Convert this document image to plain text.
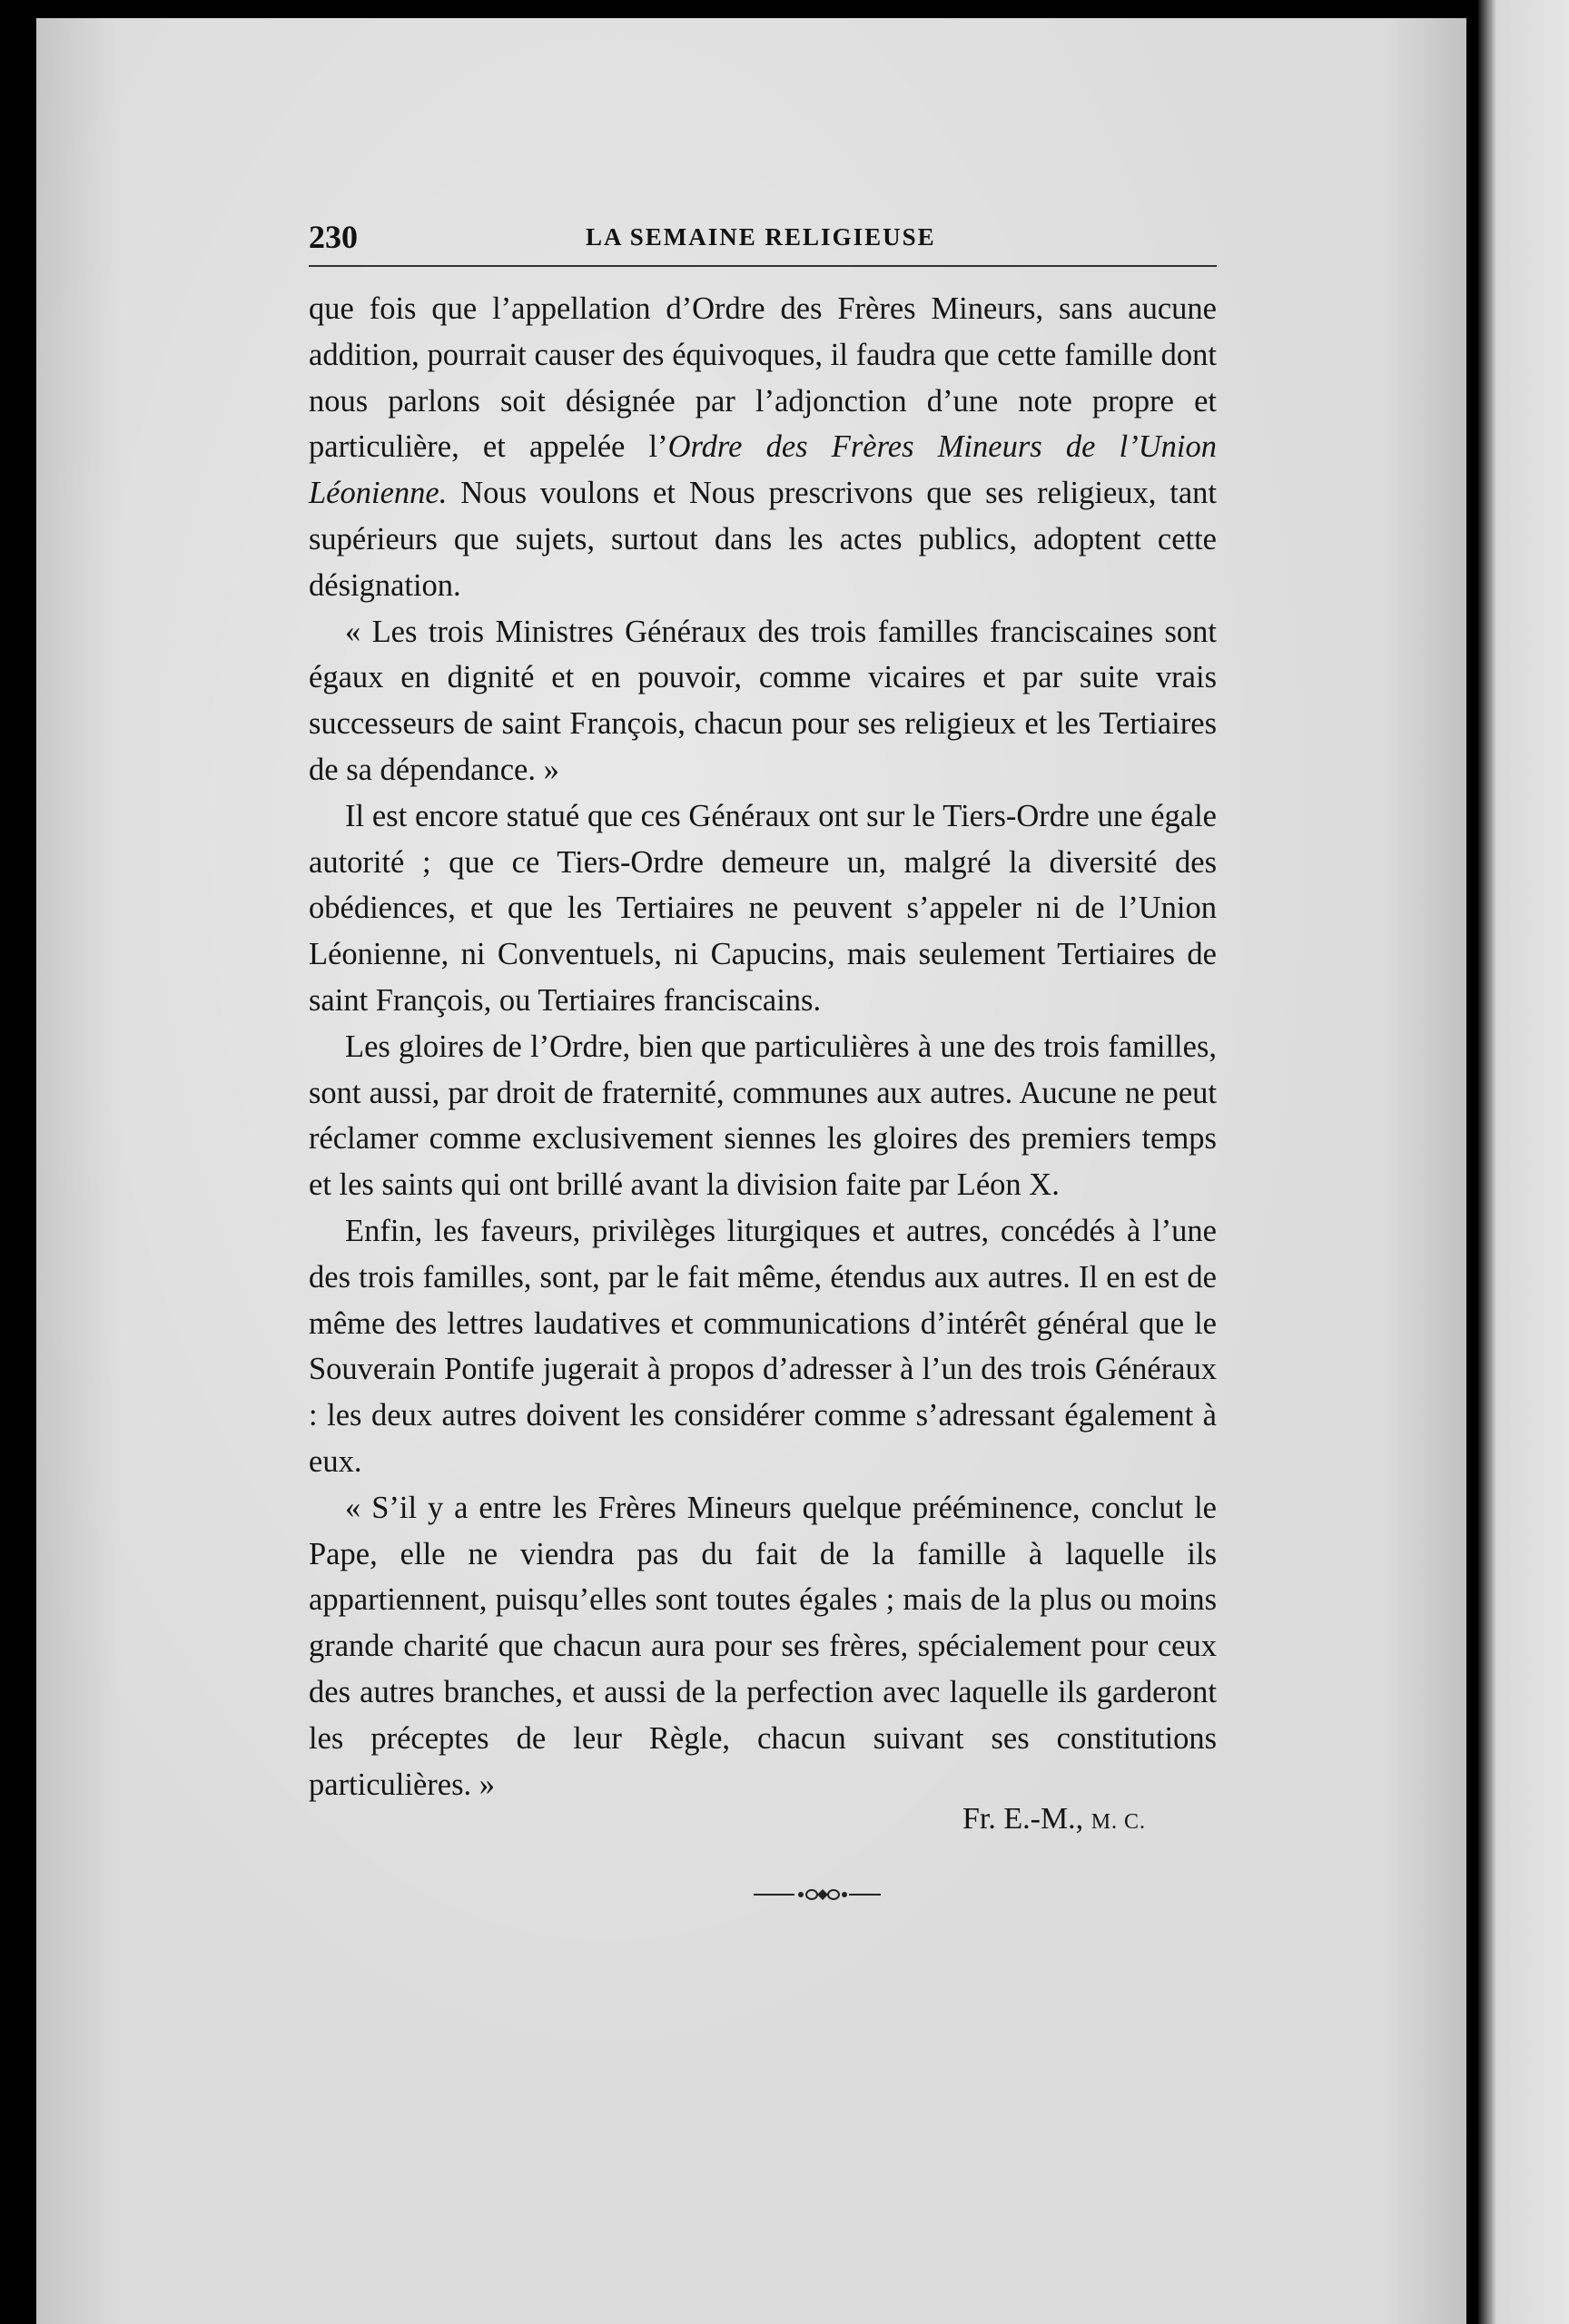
230	LA SEMAINE RELIGIEUSE

que fois que l’appellation d’Ordre des Frères Mineurs, sans aucune addition, pourrait causer des équivoques, il faudra que cette famille dont nous parlons soit désignée par l’adjonction d’une note propre et particulière, et appelée l’Ordre des Frères Mineurs de l’Union Léonienne. Nous voulons et Nous prescrivons que ses religieux, tant supérieurs que sujets, surtout dans les actes publics, adoptent cette désignation.

« Les trois Ministres Généraux des trois familles franciscaines sont égaux en dignité et en pouvoir, comme vicaires et par suite vrais successeurs de saint François, chacun pour ses religieux et les Tertiaires de sa dépendance. »

Il est encore statué que ces Généraux ont sur le Tiers-Ordre une égale autorité ; que ce Tiers-Ordre demeure un, malgré la diversité des obédiences, et que les Tertiaires ne peuvent s’appeler ni de l’Union Léonienne, ni Conventuels, ni Capucins, mais seulement Tertiaires de saint François, ou Tertiaires franciscains.

Les gloires de l’Ordre, bien que particulières à une des trois familles, sont aussi, par droit de fraternité, communes aux autres. Aucune ne peut réclamer comme exclusivement siennes les gloires des premiers temps et les saints qui ont brillé avant la division faite par Léon X.

Enfin, les faveurs, privilèges liturgiques et autres, concédés à l’une des trois familles, sont, par le fait même, étendus aux autres. Il en est de même des lettres laudatives et communications d’intérêt général que le Souverain Pontife jugerait à propos d’adresser à l’un des trois Généraux : les deux autres doivent les considérer comme s’adressant également à eux.

« S’il y a entre les Frères Mineurs quelque prééminence, conclut le Pape, elle ne viendra pas du fait de la famille à laquelle ils appartiennent, puisqu’elles sont toutes égales ; mais de la plus ou moins grande charité que chacun aura pour ses frères, spécialement pour ceux des autres branches, et aussi de la perfection avec laquelle ils garderont les préceptes de leur Règle, chacun suivant ses constitutions particulières. »

Fr. E.-M., M. C.
